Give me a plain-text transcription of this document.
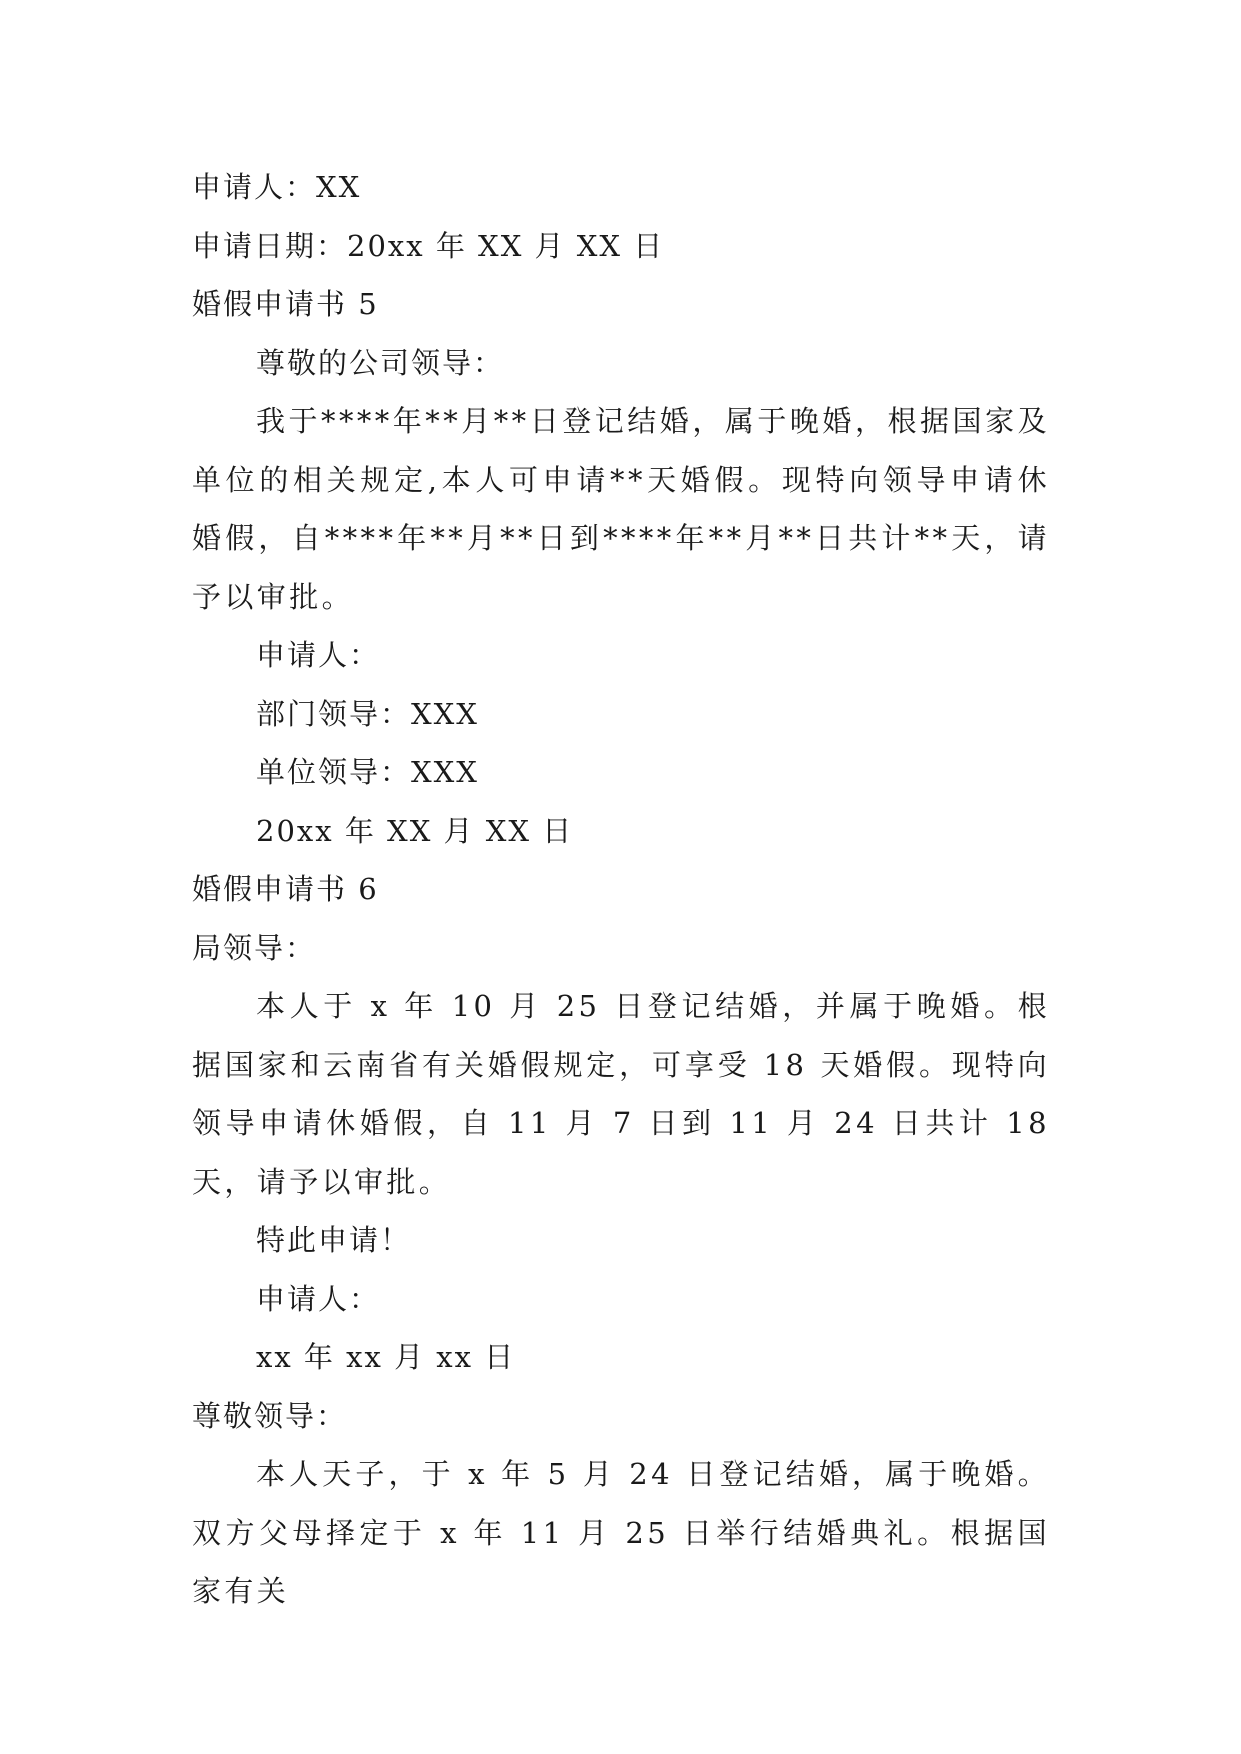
申请人：XX
申请日期：20xx 年 XX 月 XX 日
婚假申请书 5
尊敬的公司领导：

我于****年**月**日登记结婚，属于晚婚，根据国家及单位的相关规定,本人可申请**天婚假。现特向领导申请休婚假，自****年**月**日到****年**月**日共计**天，请予以审批。

申请人：
部门领导：XXX
单位领导：XXX
20xx 年 XX 月 XX 日
婚假申请书 6
局领导：

本人于 x 年 10 月 25 日登记结婚，并属于晚婚。根据国家和云南省有关婚假规定，可享受 18 天婚假。现特向领导申请休婚假，自 11 月 7 日到 11 月 24 日共计 18 天，请予以审批。

特此申请！
申请人：
xx 年 xx 月 xx 日
尊敬领导：

本人天子，于 x 年 5 月 24 日登记结婚，属于晚婚。双方父母择定于 x 年 11 月 25 日举行结婚典礼。根据国家有关
